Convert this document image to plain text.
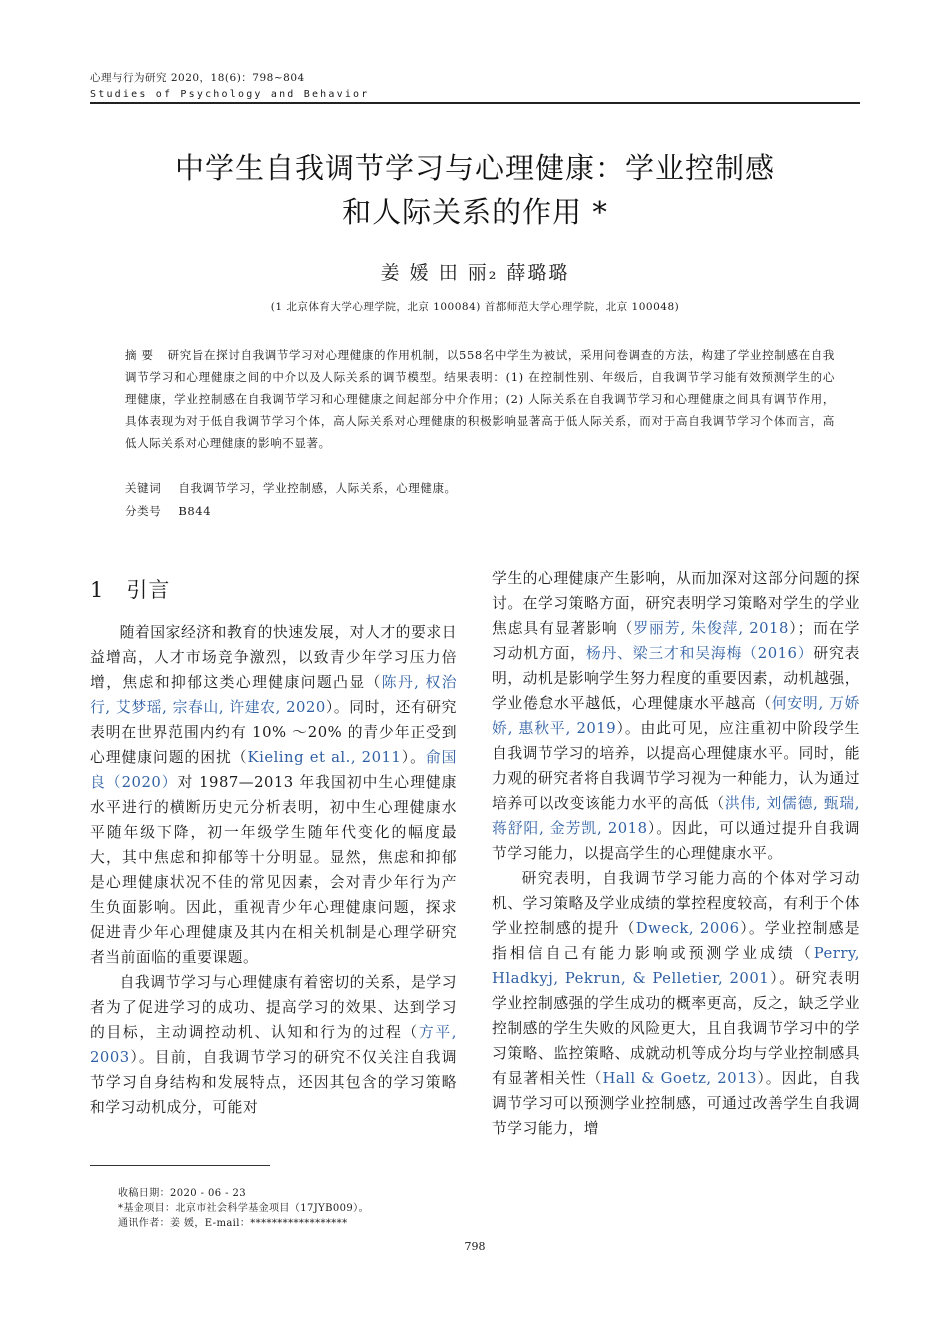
心理与行为研究 2020，18(6)：798~804
Studies of Psychology and Behavior
中学生自我调节学习与心理健康：学业控制感
和人际关系的作用 *
姜 媛 田 丽₂ 薛璐璐
(1 北京体育大学心理学院，北京 100084) 首都师范大学心理学院，北京 100048)
摘 要 研究旨在探讨自我调节学习对心理健康的作用机制，以558名中学生为被试，采用问卷调查的方法，构建了学业控制感在自我调节学习和心理健康之间的中介以及人际关系的调节模型。结果表明：(1) 在控制性别、年级后，自我调节学习能有效预测学生的心理健康，学业控制感在自我调节学习和心理健康之间起部分中介作用；(2) 人际关系在自我调节学习和心理健康之间具有调节作用，具体表现为对于低自我调节学习个体，高人际关系对心理健康的积极影响显著高于低人际关系，而对于高自我调节学习个体而言，高低人际关系对心理健康的影响不显著。
关键词 自我调节学习，学业控制感，人际关系，心理健康。
分类号 B844
1 引言

随着国家经济和教育的快速发展，对人才的要求日益增高，人才市场竞争激烈，以致青少年学习压力倍增，焦虑和抑郁这类心理健康问题凸显（陈丹, 权治行, 艾梦瑶, 宗春山, 许建农, 2020）。同时，还有研究表明在世界范围内约有 10% ～20% 的青少年正受到心理健康问题的困扰（Kieling et al., 2011）。俞国良（2020）对 1987—2013 年我国初中生心理健康水平进行的横断历史元分析表明，初中生心理健康水平随年级下降，初一年级学生随年代变化的幅度最大，其中焦虑和抑郁等十分明显。显然，焦虑和抑郁是心理健康状况不佳的常见因素，会对青少年行为产生负面影响。因此，重视青少年心理健康问题，探求促进青少年心理健康及其内在相关机制是心理学研究者当前面临的重要课题。

自我调节学习与心理健康有着密切的关系，是学习者为了促进学习的成功、提高学习的效果、达到学习的目标，主动调控动机、认知和行为的过程（方平, 2003）。目前，自我调节学习的研究不仅关注自我调节学习自身结构和发展特点，还因其包含的学习策略和学习动机成分，可能对

学生的心理健康产生影响，从而加深对这部分问题的探讨。在学习策略方面，研究表明学习策略对学生的学业焦虑具有显著影响（罗丽芳, 朱俊萍, 2018）；而在学习动机方面，杨丹、梁三才和吴海梅（2016）研究表明，动机是影响学生努力程度的重要因素，动机越强，学业倦怠水平越低，心理健康水平越高（何安明, 万娇娇, 惠秋平, 2019）。由此可见，应注重初中阶段学生自我调节学习的培养，以提高心理健康水平。同时，能力观的研究者将自我调节学习视为一种能力，认为通过培养可以改变该能力水平的高低（洪伟, 刘儒德, 甄瑞, 蒋舒阳, 金芳凯, 2018）。因此，可以通过提升自我调节学习能力，以提高学生的心理健康水平。

研究表明，自我调节学习能力高的个体对学习动机、学习策略及学业成绩的掌控程度较高，有利于个体学业控制感的提升（Dweck, 2006）。学业控制感是指相信自己有能力影响或预测学业成绩（Perry, Hladkyj, Pekrun, & Pelletier, 2001）。研究表明学业控制感强的学生成功的概率更高，反之，缺乏学业控制感的学生失败的风险更大，且自我调节学习中的学习策略、监控策略、成就动机等成分均与学业控制感具有显著相关性（Hall & Goetz, 2013）。因此，自我调节学习可以预测学业控制感，可通过改善学生自我调节学习能力，增

收稿日期：2020 - 06 - 23
*基金项目：北京市社会科学基金项目（17JYB009）。
通讯作者：姜 媛，E-mail：******************
798
